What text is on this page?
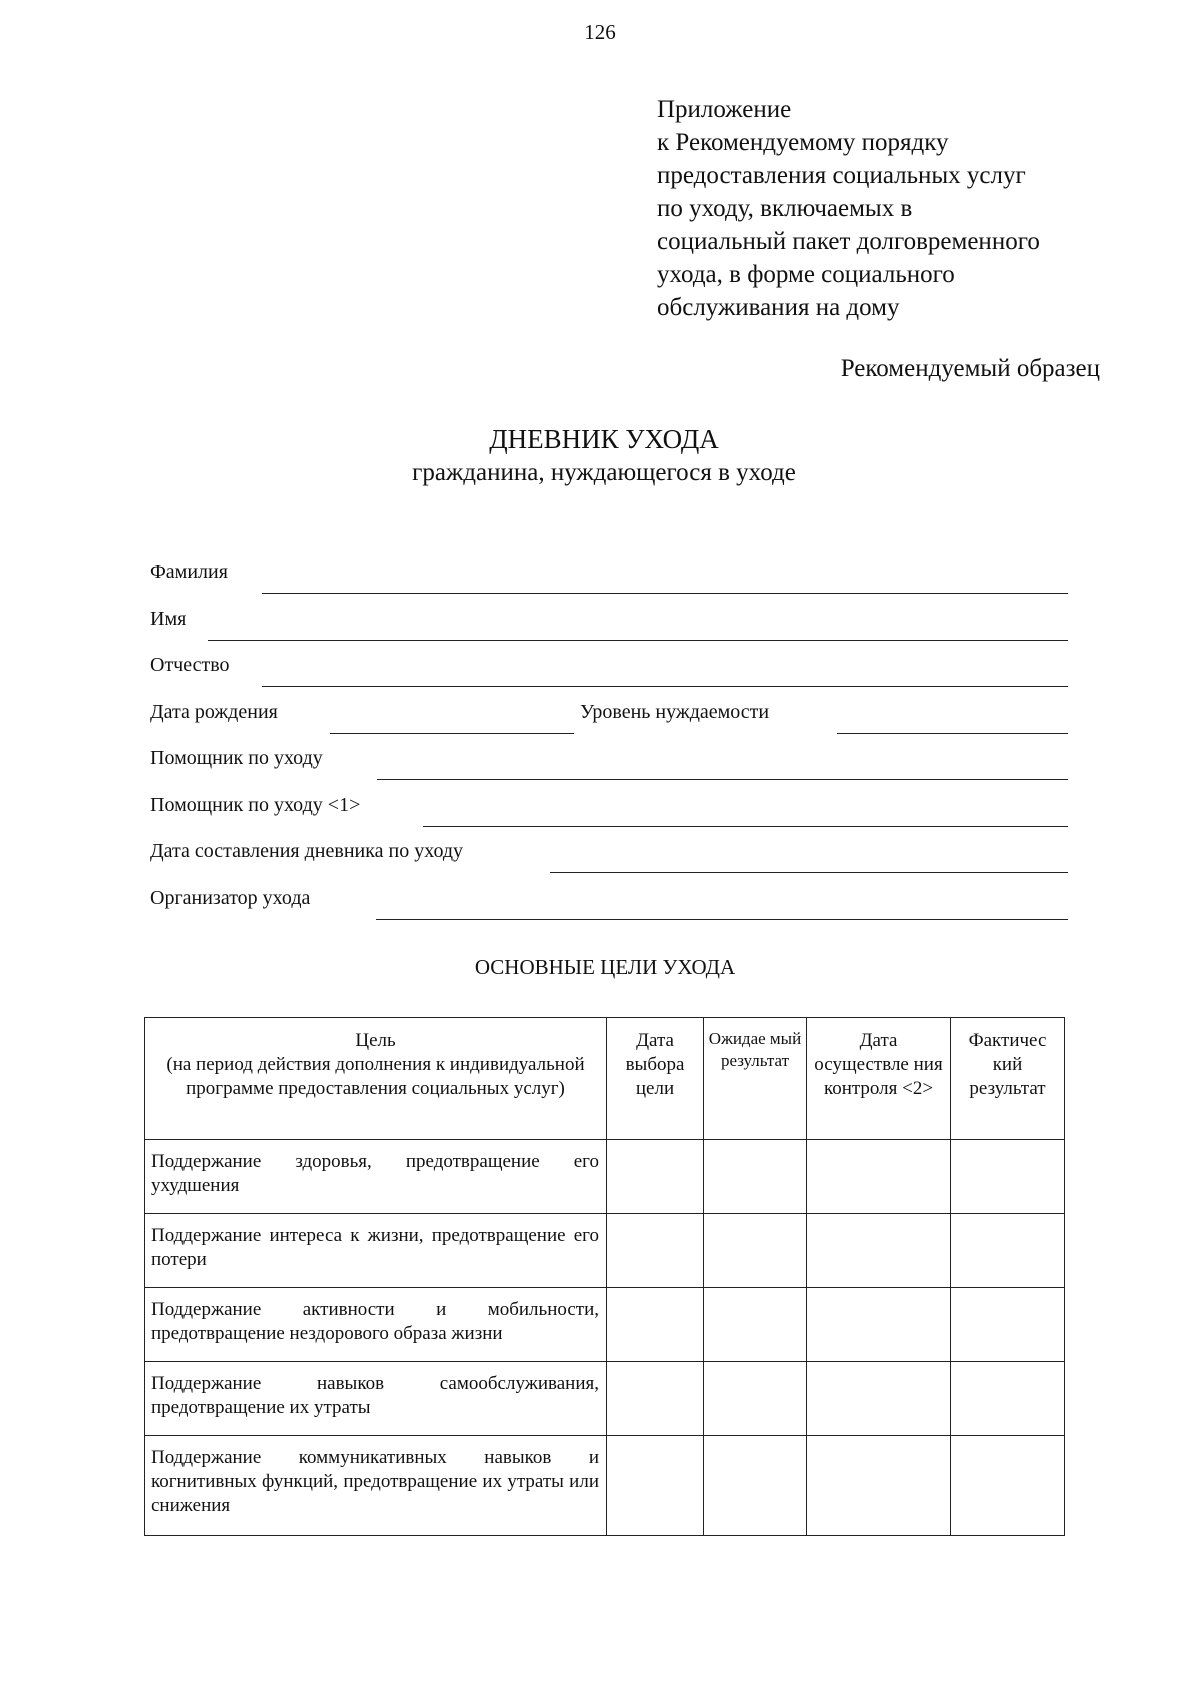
126
Приложение
к Рекомендуемому порядку
предоставления социальных услуг
по уходу, включаемых в
социальный пакет долговременного
ухода, в форме социального
обслуживания на дому
Рекомендуемый образец
ДНЕВНИК УХОДА
гражданина, нуждающегося в уходе
Фамилия
Имя
Отчество
Дата рождения	Уровень нуждаемости
Помощник по уходу
Помощник по уходу <1>
Дата составления дневника по уходу
Организатор ухода
ОСНОВНЫЕ ЦЕЛИ УХОДА
Цель
(на период действия дополнения к индивидуальной программе предоставления социальных услуг)	Дата выбора цели	Ожидае мый результат	Дата осуществле ния контроля <2>	Фактичес кий результат
Поддержание здоровья, предотвращение его ухудшения				
Поддержание интереса к жизни, предотвращение его потери				
Поддержание активности и мобильности, предотвращение нездорового образа жизни				
Поддержание навыков самообслуживания, предотвращение их утраты				
Поддержание коммуникативных навыков и когнитивных функций, предотвращение их утраты или снижения				
